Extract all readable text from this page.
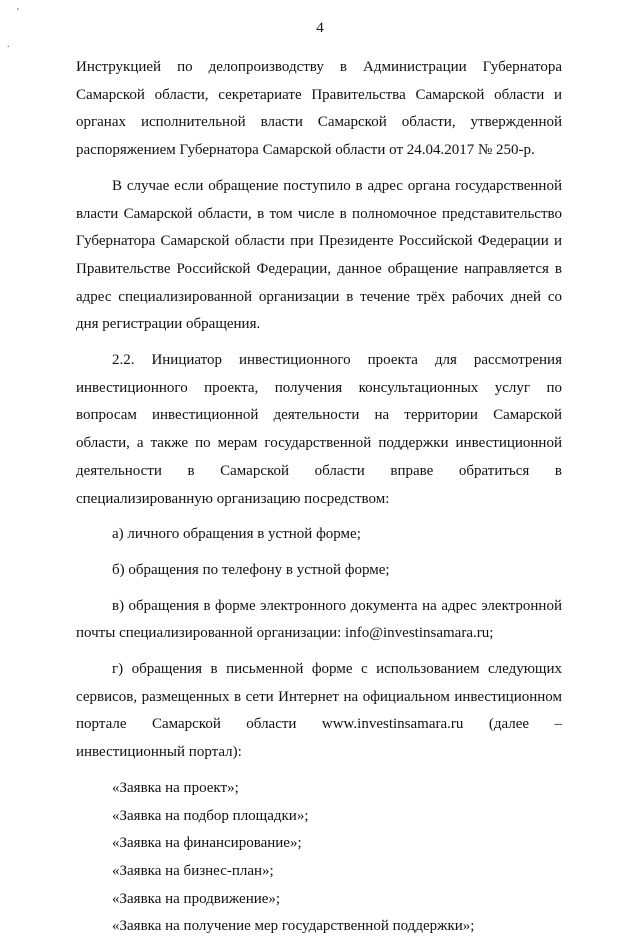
'
.
4

Инструкцией по делопроизводству в Администрации Губернатора Самарской области, секретариате Правительства Самарской области и органах исполнительной власти Самарской области, утвержденной распоряжением Губернатора Самарской области от 24.04.2017 № 250-р.

В случае если обращение поступило в адрес органа государственной власти Самарской области, в том числе в полномочное представительство Губернатора Самарской области при Президенте Российской Федерации и Правительстве Российской Федерации, данное обращение направляется в адрес специализированной организации в течение трёх рабочих дней со дня регистрации обращения.

2.2. Инициатор инвестиционного проекта для рассмотрения инвестиционного проекта, получения консультационных услуг по вопросам инвестиционной деятельности на территории Самарской области, а также по мерам государственной поддержки инвестиционной деятельности в Самарской области вправе обратиться в специализированную организацию посредством:

а) личного обращения в устной форме;

б) обращения по телефону в устной форме;

в) обращения в форме электронного документа на адрес электронной почты специализированной организации: info@investinsamara.ru;

г) обращения в письменной форме с использованием следующих сервисов, размещенных в сети Интернет на официальном инвестиционном портале Самарской области www.investinsamara.ru (далее – инвестиционный портал):

«Заявка на проект»;

«Заявка на подбор площадки»;

«Заявка на финансирование»;

«Заявка на бизнес-план»;

«Заявка на продвижение»;

«Заявка на получение мер государственной поддержки»;
